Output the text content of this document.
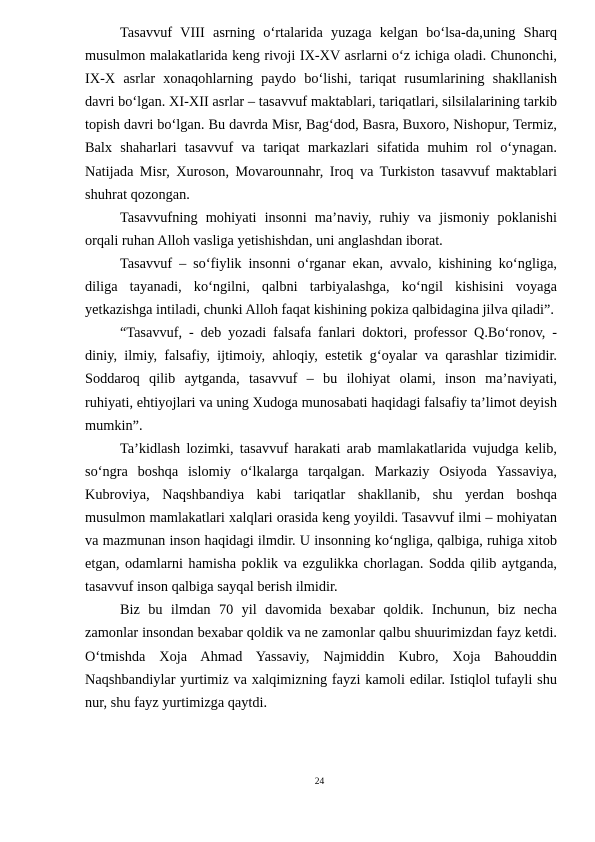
Tasavvuf VIII asrning o‘rtalarida yuzaga kelgan bo‘lsa-da,uning Sharq musulmon malakatlarida keng rivoji IX-XV asrlarni o‘z ichiga oladi. Chunonchi, IX-X asrlar xonaqohlarning paydo bo‘lishi, tariqat rusumlarining shakllanish davri bo‘lgan. XI-XII asrlar – tasavvuf maktablari, tariqatlari, silsilalarining tarkib topish davri bo‘lgan. Bu davrda Misr, Bag‘dod, Basra, Buxoro, Nishopur, Termiz, Balx shaharlari tasavvuf va tariqat markazlari sifatida muhim rol o‘ynagan. Natijada Misr, Xuroson, Movarounnahr, Iroq va Turkiston tasavvuf maktablari shuhrat qozongan.

Tasavvufning mohiyati insonni ma’naviy, ruhiy va jismoniy poklanishi orqali ruhan Alloh vasliga yetishishdan, uni anglashdan iborat.

Tasavvuf – so‘fiylik insonni o‘rganar ekan, avvalo, kishining ko‘ngliga, diliga tayanadi, ko‘ngilni, qalbni tarbiyalashga, ko‘ngil kishisini voyaga yetkazishga intiladi, chunki Alloh faqat kishining pokiza qalbidagina jilva qiladi”.

“Tasavvuf, - deb yozadi falsafa fanlari doktori, professor Q.Bo‘ronov, - diniy, ilmiy, falsafiy, ijtimoiy, ahloqiy, estetik g‘oyalar va qarashlar tizimidir. Soddaroq qilib aytganda, tasavvuf – bu ilohiyat olami, inson ma’naviyati, ruhiyati, ehtiyojlari va uning Xudoga munosabati haqidagi falsafiy ta’limot deyish mumkin”.

Ta’kidlash lozimki, tasavvuf harakati arab mamlakatlarida vujudga kelib, so‘ngra boshqa islomiy o‘lkalarga tarqalgan. Markaziy Osiyoda Yassaviya, Kubroviya, Naqshbandiya kabi tariqatlar shakllanib, shu yerdan boshqa musulmon mamlakatlari xalqlari orasida keng yoyildi. Tasavvuf ilmi – mohiyatan va mazmunan inson haqidagi ilmdir. U insonning ko‘ngliga, qalbiga, ruhiga xitob etgan, odamlarni hamisha poklik va ezgulikka chorlagan. Sodda qilib aytganda, tasavvuf inson qalbiga sayqal berish ilmidir.

Biz bu ilmdan 70 yil davomida bexabar qoldik. Inchunun, biz necha zamonlar insondan bexabar qoldik va ne zamonlar qalbu shuurimizdan fayz ketdi. O‘tmishda Xoja Ahmad Yassaviy, Najmiddin Kubro, Xoja Bahouddin Naqshbandiylar yurtimiz va xalqimizning fayzi kamoli edilar. Istiqlol tufayli shu nur, shu fayz yurtimizga qaytdi.

24
